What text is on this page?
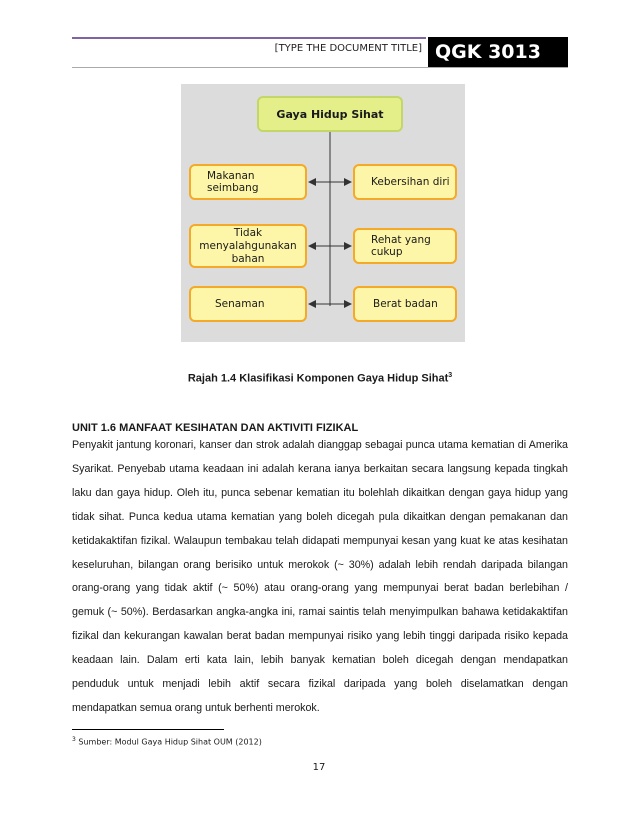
[TYPE THE DOCUMENT TITLE] QGK 3013
Gaya Hidup Sihat
Makanan seimbang	Kebersihan diri
Tidak menyalahgunakan bahan
Rehat yang cukup
Senaman	Berat badan
Rajah 1.4 Klasifikasi Komponen Gaya Hidup Sihat$^3$
UNIT 1.6 MANFAAT KESIHATAN DAN AKTIVITI FIZIKAL

Penyakit jantung koronari, kanser dan strok adalah dianggap sebagai punca utama kematian di Amerika Syarikat. Penyebab utama keadaan ini adalah kerana ianya berkaitan secara langsung kepada tingkah laku dan gaya hidup. Oleh itu, punca sebenar kematian itu bolehlah dikaitkan dengan gaya hidup yang tidak sihat. Punca kedua utama kematian yang boleh dicegah pula dikaitkan dengan pemakanan dan ketidakaktifan fizikal. Walaupun tembakau telah didapati mempunyai kesan yang kuat ke atas kesihatan keseluruhan, bilangan orang berisiko untuk merokok (~ 30%) adalah lebih rendah daripada bilangan orang-orang yang tidak aktif (~ 50%) atau orang-orang yang mempunyai berat badan berlebihan / gemuk (~ 50%). Berdasarkan angka-angka ini, ramai saintis telah menyimpulkan bahawa ketidakaktifan fizikal dan kekurangan kawalan berat badan mempunyai risiko yang lebih tinggi daripada risiko kepada keadaan lain. Dalam erti kata lain, lebih banyak kematian boleh dicegah dengan mendapatkan penduduk untuk menjadi lebih aktif secara fizikal daripada yang boleh diselamatkan dengan mendapatkan semua orang untuk berhenti merokok.

$^3$ Sumber: Modul Gaya Hidup Sihat OUM (2012)
17
